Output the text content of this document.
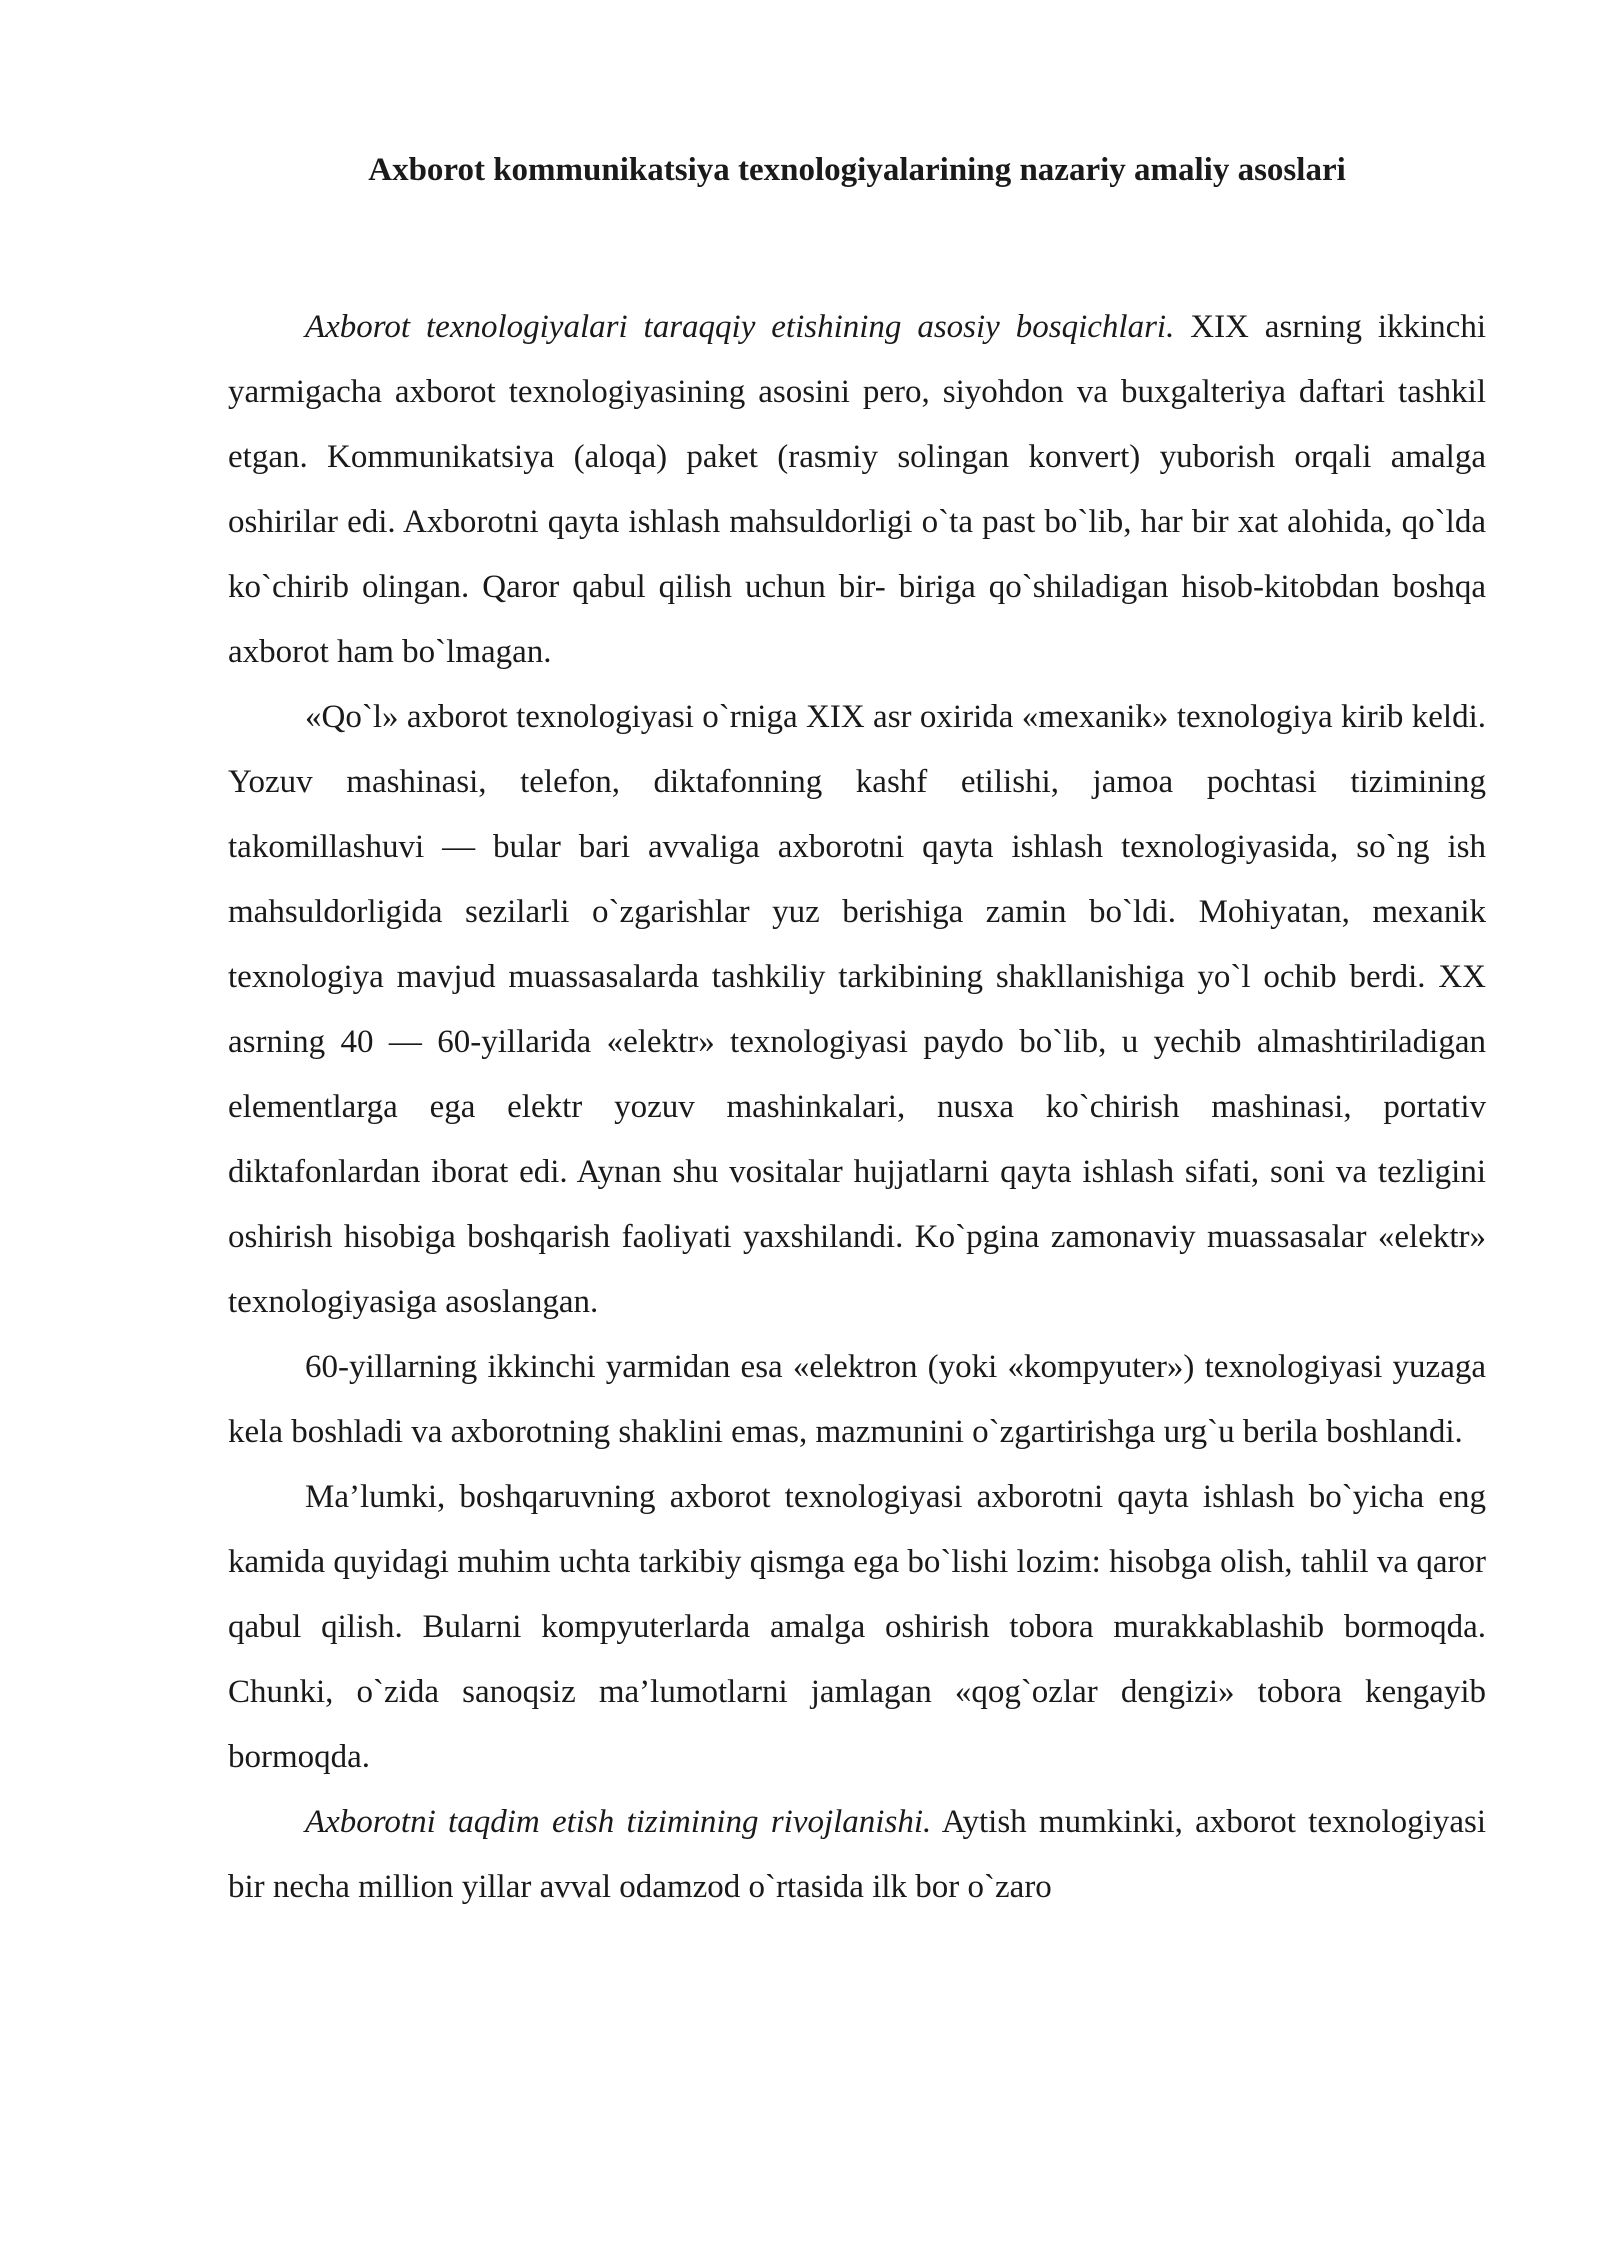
Axborot kommunikatsiya texnologiyalarining nazariy amaliy asoslari

Axborot texnologiyalari taraqqiy etishining asosiy bosqichlari. XIX asrning ikkinchi yarmigacha axborot texnologiyasining asosini pero, siyohdon va buxgalteriya daftari tashkil etgan. Kommunikatsiya (aloqa) paket (rasmiy solingan konvert) yuborish orqali amalga oshirilar edi. Axborotni qayta ishlash mahsuldorligi o`ta past bo`lib, har bir xat alohida, qo`lda ko`chirib olingan. Qaror qabul qilish uchun bir- biriga qo`shiladigan hisob-kitobdan boshqa axborot ham bo`lmagan.

«Qo`l» axborot texnologiyasi o`rniga XIX asr oxirida «mexanik» texnologiya kirib keldi. Yozuv mashinasi, telefon, diktafonning kashf etilishi, jamoa pochtasi tizimining takomillashuvi — bular bari avvaliga axborotni qayta ishlash texnologiyasida, so`ng ish mahsuldorligida sezilarli o`zgarishlar yuz berishiga zamin bo`ldi. Mohiyatan, mexanik texnologiya mavjud muassasalarda tashkiliy tarkibining shakllanishiga yo`l ochib berdi. XX asrning 40 — 60-yillarida «elektr» texnologiyasi paydo bo`lib, u yechib almashtiriladigan elementlarga ega elektr yozuv mashinkalari, nusxa ko`chirish mashinasi, portativ diktafonlardan iborat edi. Aynan shu vositalar hujjatlarni qayta ishlash sifati, soni va tezligini oshirish hisobiga boshqarish faoliyati yaxshilandi. Ko`pgina zamonaviy muassasalar «elektr» texnologiyasiga asoslangan.

60-yillarning ikkinchi yarmidan esa «elektron (yoki «kompyuter») texnologiyasi yuzaga kela boshladi va axborotning shaklini emas, mazmunini o`zgartirishga urg`u berila boshlandi.

Ma’lumki, boshqaruvning axborot texnologiyasi axborotni qayta ishlash bo`yicha eng kamida quyidagi muhim uchta tarkibiy qismga ega bo`lishi lozim: hisobga olish, tahlil va qaror qabul qilish. Bularni kompyuterlarda amalga oshirish tobora murakkablashib bormoqda. Chunki, o`zida sanoqsiz ma’lumotlarni jamlagan «qog`ozlar dengizi» tobora kengayib bormoqda.

Axborotni taqdim etish tizimining rivojlanishi. Aytish mumkinki, axborot texnologiyasi bir necha million yillar avval odamzod o`rtasida ilk bor o`zaro
